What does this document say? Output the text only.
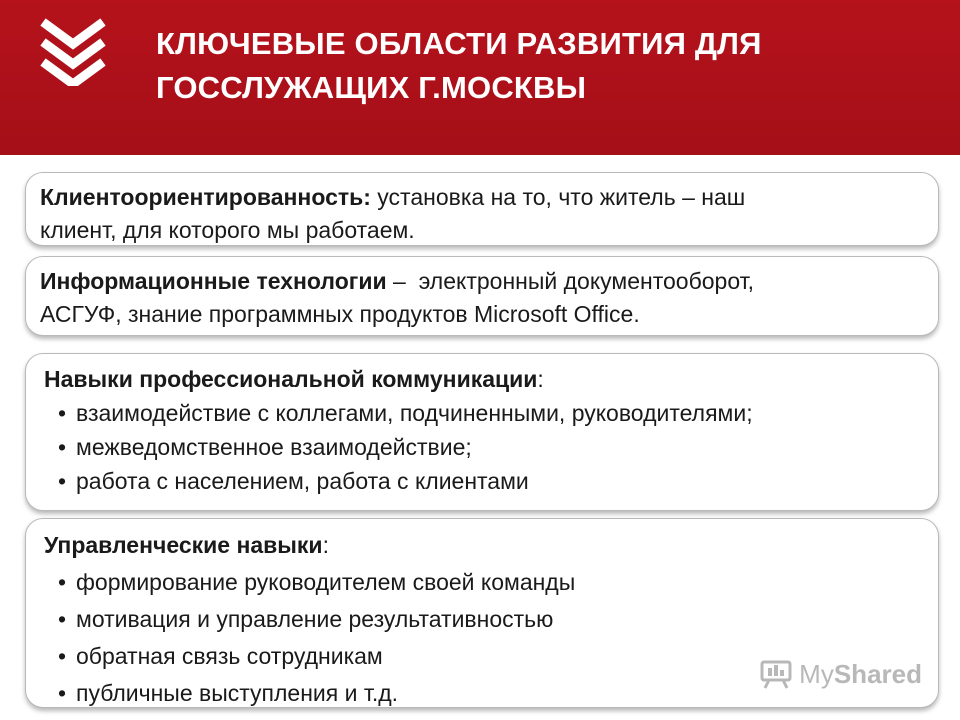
КЛЮЧЕВЫЕ ОБЛАСТИ РАЗВИТИЯ ДЛЯ
ГОССЛУЖАЩИХ Г.МОСКВЫ
Клиентоориентированность: установка на то, что житель – наш
клиент, для которого мы работаем.
Информационные технологии –  электронный документооборот,
АСГУФ, знание программных продуктов Microsoft Office.
Навыки профессиональной коммуникации:
• взаимодействие с коллегами, подчиненными, руководителями;
• межведомственное взаимодействие;
• работа с населением, работа с клиентами
Управленческие навыки:
• формирование руководителем своей команды
• мотивация и управление результативностью
• обратная связь сотрудникам
• публичные выступления и т.д.
MyShared
